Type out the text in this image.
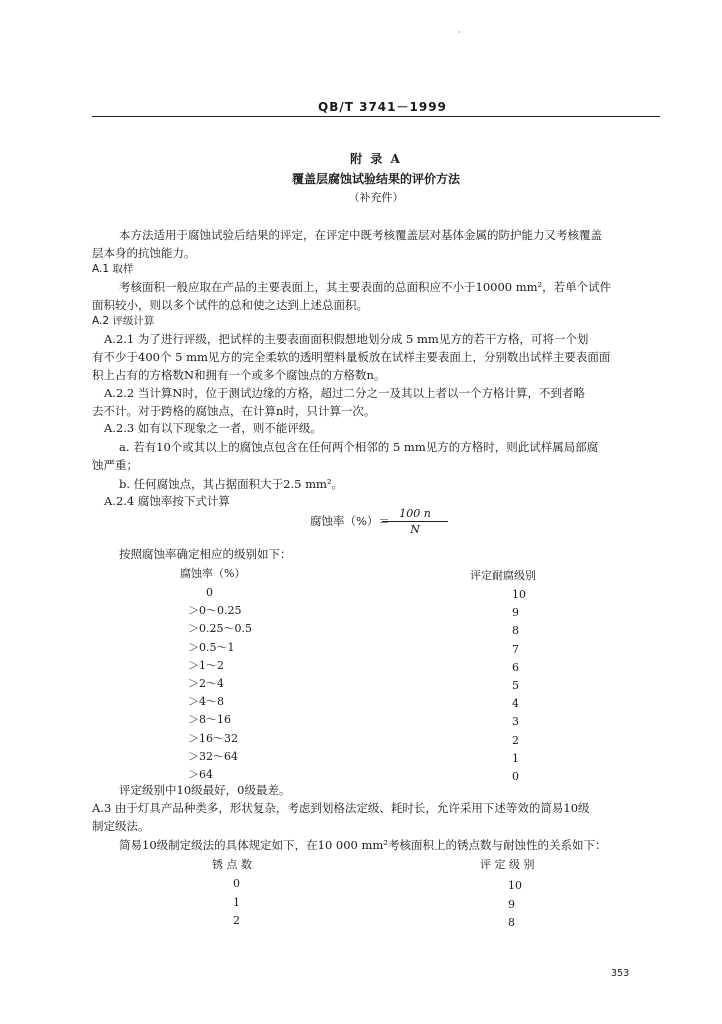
·
QB/T 3741－1999
附 录 A
覆盖层腐蚀试验结果的评价方法
（补充件）
本方法适用于腐蚀试验后结果的评定，在评定中既考核覆盖层对基体金属的防护能力又考核覆盖
层本身的抗蚀能力。
A.1 取样
考核面积一般应取在产品的主要表面上，其主要表面的总面积应不小于10000 mm²，若单个试件
面积较小，则以多个试件的总和使之达到上述总面积。
A.2 评级计算
A.2.1 为了进行评级，把试样的主要表面面积假想地划分成 5 mm见方的若干方格，可将一个划
有不少于400个 5 mm见方的完全柔软的透明塑料量板放在试样主要表面上，分别数出试样主要表面面
积上占有的方格数N和拥有一个或多个腐蚀点的方格数n。
A.2.2 当计算N时，位于测试边缘的方格，超过二分之一及其以上者以一个方格计算，不到者略
去不计。对于跨格的腐蚀点，在计算n时，只计算一次。
A.2.3 如有以下现象之一者，则不能评级。
a. 若有10个或其以上的腐蚀点包含在任何两个相邻的 5 mm见方的方格时，则此试样属局部腐
蚀严重；
b. 任何腐蚀点，其占据面积大于2.5 mm²。
A.2.4 腐蚀率按下式计算
腐蚀率（%）＝
$\frac{100 n}{N}$
按照腐蚀率确定相应的级别如下：
腐蚀率（%）	评定耐腐级别
0	10
＞0～0.25	9
＞0.25～0.5	8
＞0.5～1	7
＞1～2	6
＞2～4	5
＞4～8	4
＞8～16	3
＞16～32	2
＞32～64	1
＞64	0
评定级别中10级最好，0级最差。
A.3 由于灯具产品种类多，形状复杂，考虑到划格法定级、耗时长，允许采用下述等效的简易10级
制定级法。
简易10级制定级法的具体规定如下，在10 000 mm²考核面积上的锈点数与耐蚀性的关系如下：
锈 点 数	评 定 级 别
0	10
1	9
2	8
353
